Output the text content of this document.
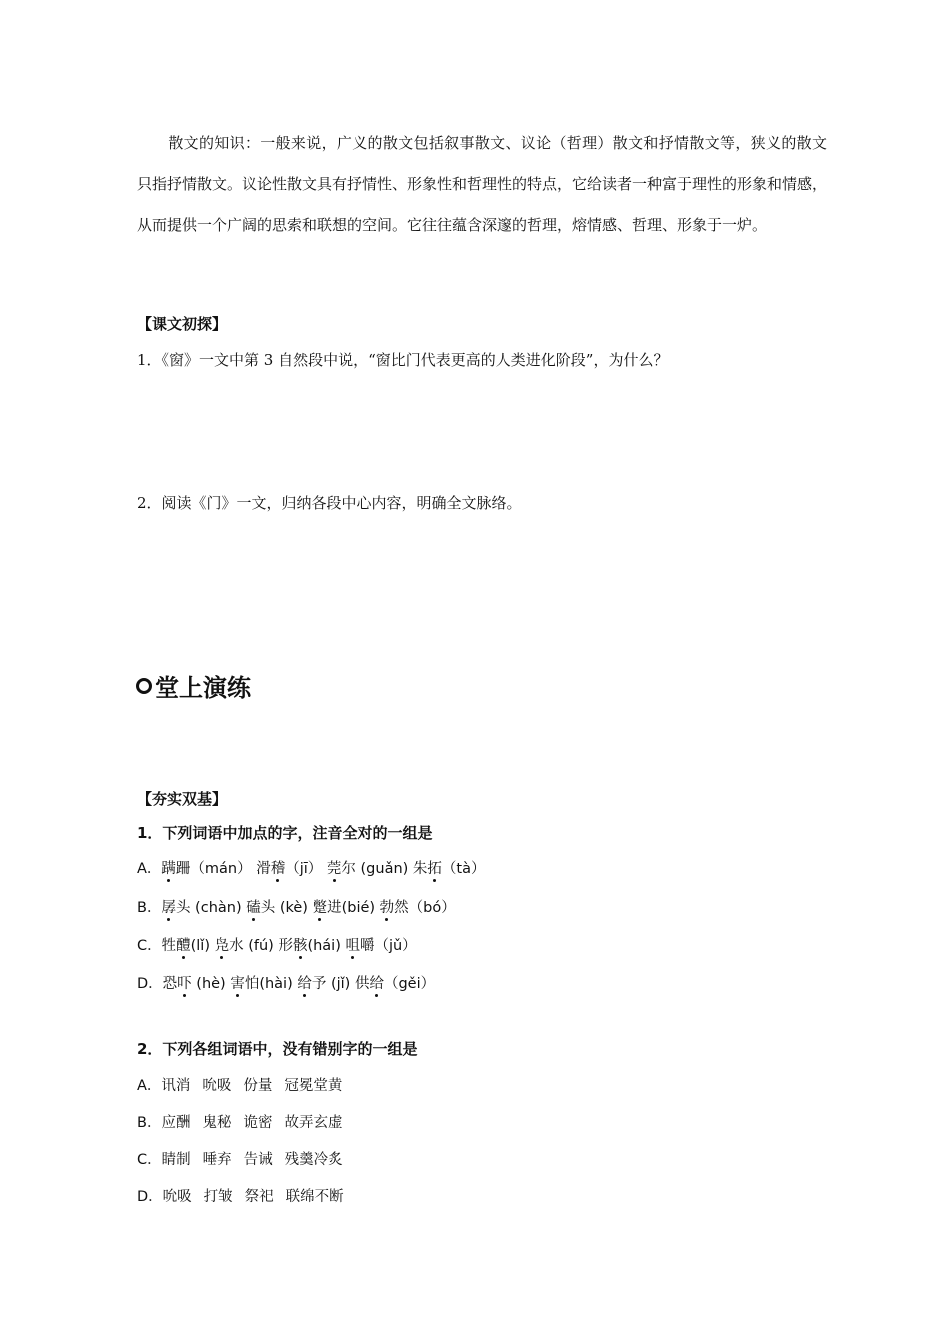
散文的知识：一般来说，广义的散文包括叙事散文、议论（哲理）散文和抒情散文等，狭义的散文只指抒情散文。议论性散文具有抒情性、形象性和哲理性的特点，它给读者一种富于理性的形象和情感，从而提供一个广阔的思索和联想的空间。它往往蕴含深邃的哲理，熔情感、哲理、形象于一炉。

【课文初探】
1．《窗》一文中第 3 自然段中说，“窗比门代表更高的人类进化阶段”，为什么？
2．阅读《门》一文，归纳各段中心内容，明确全文脉络。
堂上演练
【夯实双基】
1．下列词语中加点的字，注音全对的一组是
A．蹒跚（mán） 滑稽（jī） 莞尔 (guǎn) 朱拓（tà）
B．孱头 (chàn) 磕头 (kè) 蹩进(bié) 勃然（bó）
C．牲醴(lǐ) 凫水 (fú) 形骸(hái) 咀嚼（jǔ）
D．恐吓 (hè) 害怕(hài) 给予 (jǐ) 供给（gěi）
2．下列各组词语中，没有错别字的一组是
A．讯消 吮吸 份量 冠冕堂黄
B．应酬 鬼秘 诡密 故弄玄虚
C．睛制 唾弃 告诫 残羹冷炙
D．吮吸 打皱 祭祀 联绵不断
